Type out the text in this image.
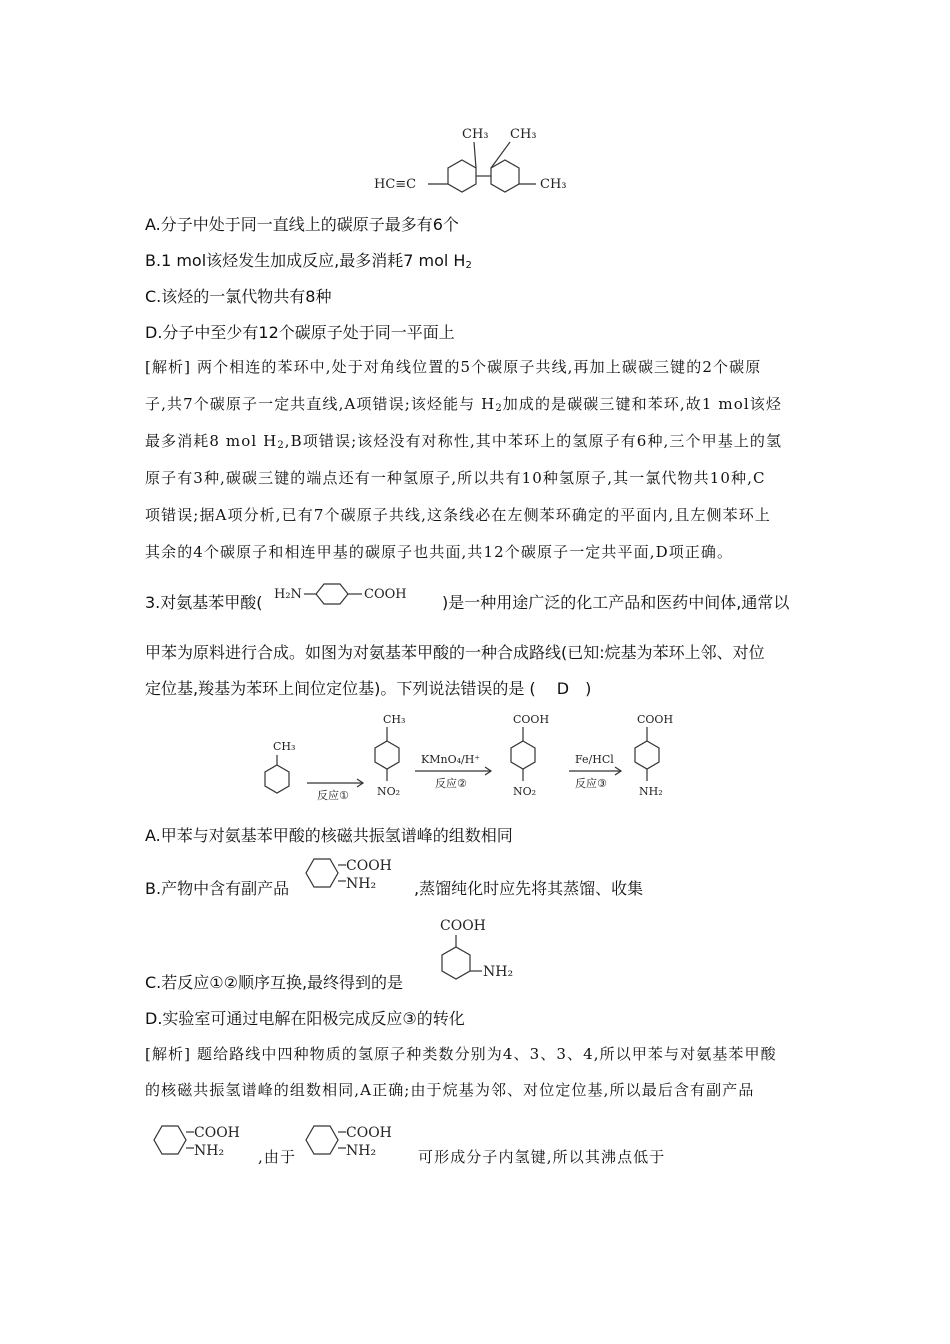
CH₃ CH₃
HC≡C	CH₃
A.分子中处于同一直线上的碳原子最多有6个
B.1 mol该烃发生加成反应,最多消耗7 mol $H_2$
C.该烃的一氯代物共有8种
D.分子中至少有12个碳原子处于同一平面上
[解析] 两个相连的苯环中,处于对角线位置的5个碳原子共线,再加上碳碳三键的2个碳原
子,共7个碳原子一定共直线,A项错误;该烃能与 $H_2$加成的是碳碳三键和苯环,故1 mol该烃
最多消耗8 mol $H_2,B$项错误;该烃没有对称性,其中苯环上的氢原子有6种,三个甲基上的氢
原子有3种,碳碳三键的端点还有一种氢原子,所以共有10种氢原子,其一氯代物共10种,C
项错误;据A项分析,已有7个碳原子共线,这条线必在左侧苯环确定的平面内,且左侧苯环上
其余的4个碳原子和相连甲基的碳原子也共面,共12个碳原子一定共平面,D项正确。
3.对氨基苯甲酸( H₂N	COOH )是一种用途广泛的化工产品和医药中间体,通常以
甲苯为原料进行合成。如图为对氨基苯甲酸的一种合成路线(已知:烷基为苯环上邻、对位
定位基,羧基为苯环上间位定位基)。下列说法错误的是 (　 D　)
CH₃
反应①
CH₃
NO₂
KMnO₄/H⁺
反应②
COOH
NO₂
Fe/HCl
反应③
COOH
NH₂
A.甲苯与对氨基苯甲酸的核磁共振氢谱峰的组数相同
B.产物中含有副产品
COOH
NH₂ ,蒸馏纯化时应先将其蒸馏、收集
COOH
NH₂
C.若反应①②顺序互换,最终得到的是
D.实验室可通过电解在阳极完成反应③的转化
[解析] 题给路线中四种物质的氢原子种类数分别为4、3、3、4,所以甲苯与对氨基苯甲酸
的核磁共振氢谱峰的组数相同,A正确;由于烷基为邻、对位定位基,所以最后含有副产品
COOH
NH₂ ,由于
COOH
NH₂	可形成分子内氢键,所以其沸点低于
